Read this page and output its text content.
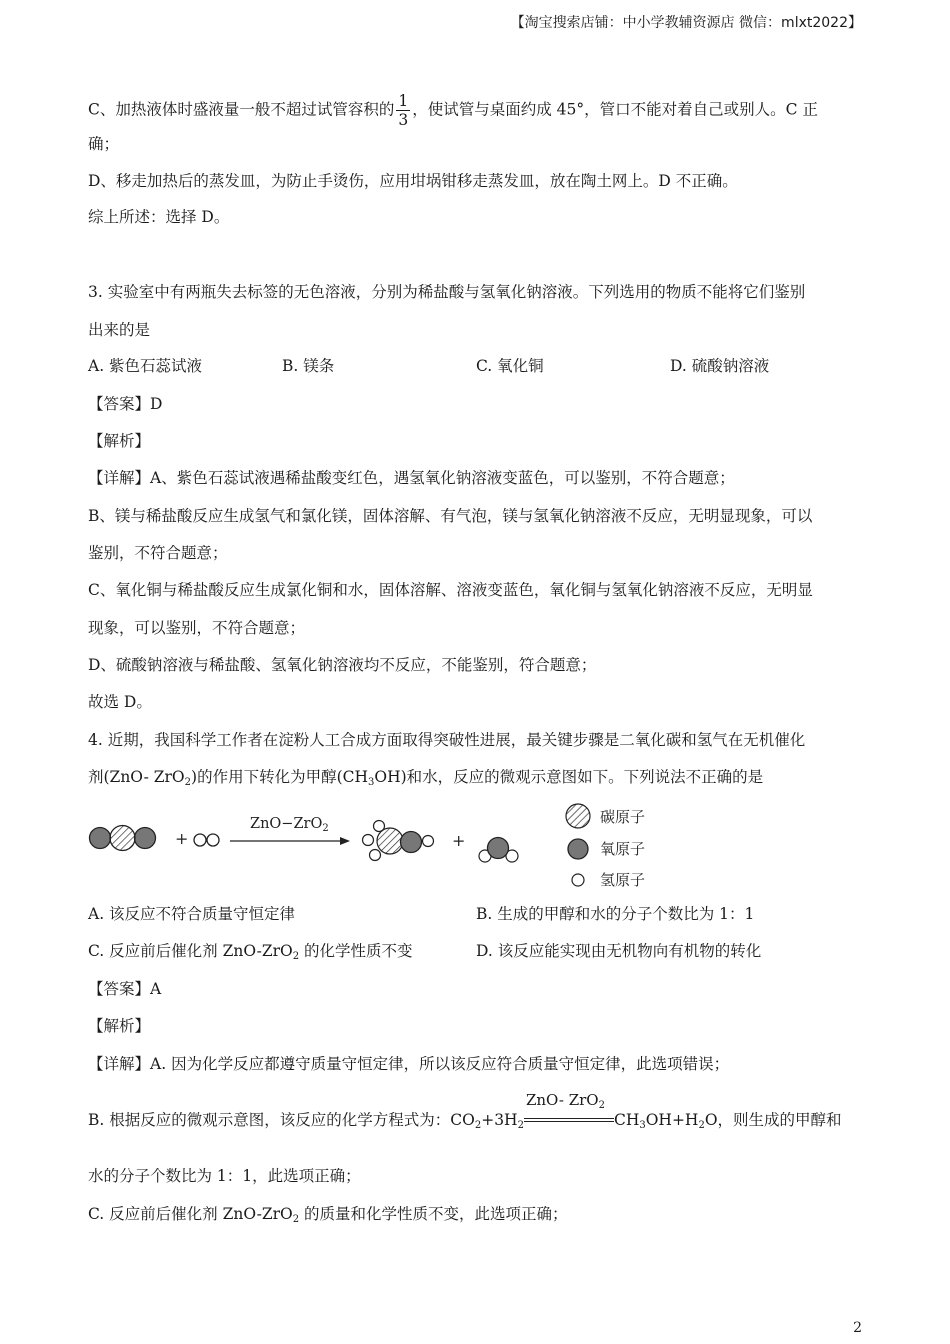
【淘宝搜索店铺：中小学教辅资源店 微信：mlxt2022】
C、加热液体时盛液量一般不超过试管容积的 $\frac{1}{3}$ ，使试管与桌面约成 45°，管口不能对着自己或别人。C 正
确；
D、移走加热后的蒸发皿，为防止手烫伤，应用坩埚钳移走蒸发皿，放在陶土网上。D 不正确。
综上所述：选择 D。
3. 实验室中有两瓶失去标签的无色溶液，分别为稀盐酸与氢氧化钠溶液。下列选用的物质不能将它们鉴别
出来的是
A. 紫色石蕊试液	B. 镁条	C. 氧化铜	D. 硫酸钠溶液
【答案】D
【解析】
【详解】A、紫色石蕊试液遇稀盐酸变红色，遇氢氧化钠溶液变蓝色，可以鉴别，不符合题意；
B、镁与稀盐酸反应生成氢气和氯化镁，固体溶解、有气泡，镁与氢氧化钠溶液不反应，无明显现象，可以
鉴别，不符合题意；
C、氧化铜与稀盐酸反应生成氯化铜和水，固体溶解、溶液变蓝色，氧化铜与氢氧化钠溶液不反应，无明显
现象，可以鉴别，不符合题意；
D、硫酸钠溶液与稀盐酸、氢氧化钠溶液均不反应，不能鉴别，符合题意；
故选 D。
4. 近期，我国科学工作者在淀粉人工合成方面取得突破性进展，最关键步骤是二氧化碳和氢气在无机催化
剂(ZnO- ZrO$_2$)的作用下转化为甲醇$(CH_3OH)$和水，反应的微观示意图如下。下列说法不正确的是
+
ZnO−ZrO$_2$
+
碳原子
氧原子
氢原子
A. 该反应不符合质量守恒定律	B. 生成的甲醇和水的分子个数比为 1：1
C. 反应前后催化剂 ZnO-ZrO$_2$ 的化学性质不变	D. 该反应能实现由无机物向有机物的转化
【答案】A
【解析】
【详解】A. 因为化学反应都遵守质量守恒定律，所以该反应符合质量守恒定律，此选项错误；
B. 根据反应的微观示意图，该反应的化学方程式为：$CO_2+3H_2$
ZnO- ZrO$_2$
$CH_3OH+H_2O$，则生成的甲醇和
水的分子个数比为 1：1，此选项正确；
C. 反应前后催化剂 ZnO-ZrO$_2$ 的质量和化学性质不变，此选项正确；
2
